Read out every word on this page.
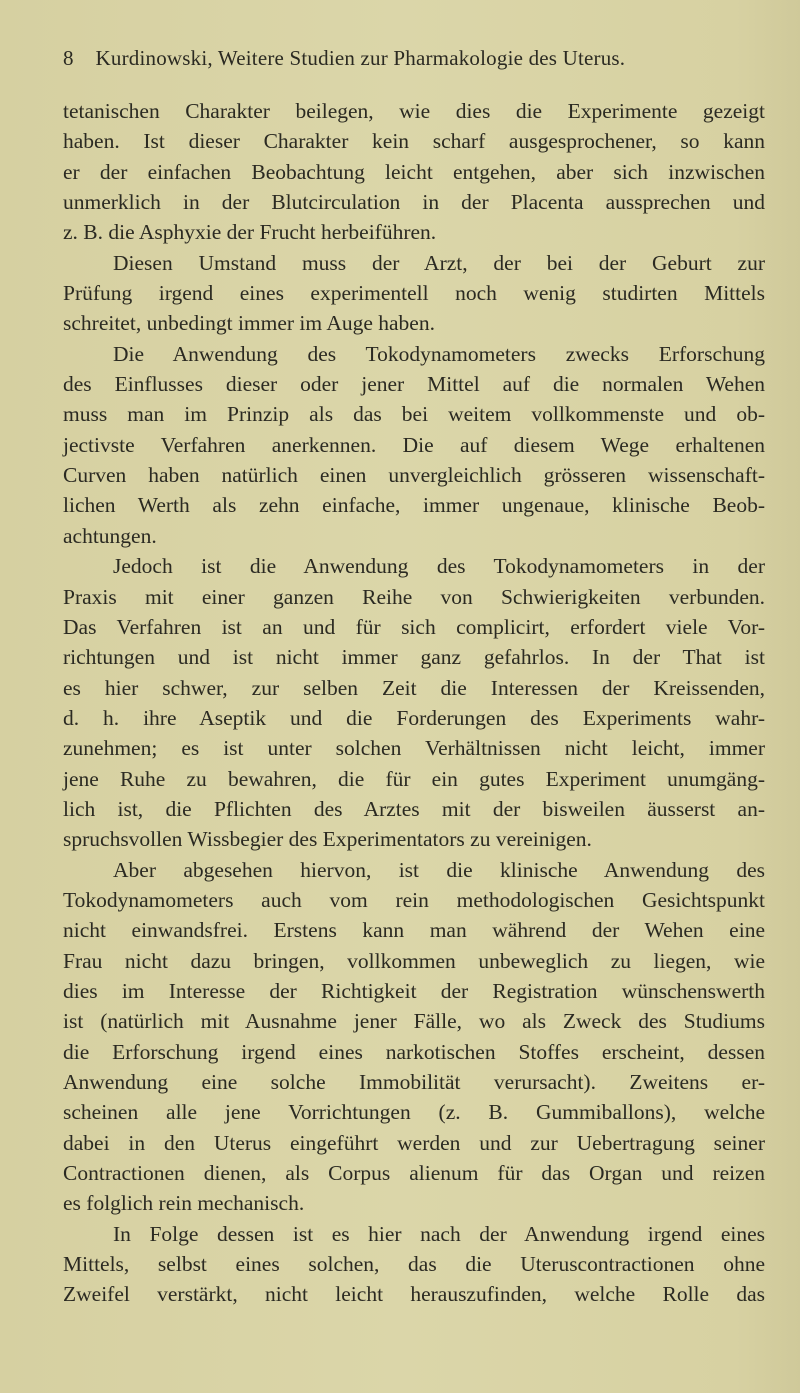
8 Kurdinowski, Weitere Studien zur Pharmakologie des Uterus.
tetanischen Charakter beilegen, wie dies die Experimente gezeigt
haben. Ist dieser Charakter kein scharf ausgesprochener, so kann
er der einfachen Beobachtung leicht entgehen, aber sich inzwischen
unmerklich in der Blutcirculation in der Placenta aussprechen und
z. B. die Asphyxie der Frucht herbeiführen.
Diesen Umstand muss der Arzt, der bei der Geburt zur
Prüfung irgend eines experimentell noch wenig studirten Mittels
schreitet, unbedingt immer im Auge haben.
Die Anwendung des Tokodynamometers zwecks Erforschung
des Einflusses dieser oder jener Mittel auf die normalen Wehen
muss man im Prinzip als das bei weitem vollkommenste und ob-
jectivste Verfahren anerkennen. Die auf diesem Wege erhaltenen
Curven haben natürlich einen unvergleichlich grösseren wissenschaft-
lichen Werth als zehn einfache, immer ungenaue, klinische Beob-
achtungen.
Jedoch ist die Anwendung des Tokodynamometers in der
Praxis mit einer ganzen Reihe von Schwierigkeiten verbunden.
Das Verfahren ist an und für sich complicirt, erfordert viele Vor-
richtungen und ist nicht immer ganz gefahrlos. In der That ist
es hier schwer, zur selben Zeit die Interessen der Kreissenden,
d. h. ihre Aseptik und die Forderungen des Experiments wahr-
zunehmen; es ist unter solchen Verhältnissen nicht leicht, immer
jene Ruhe zu bewahren, die für ein gutes Experiment unumgäng-
lich ist, die Pflichten des Arztes mit der bisweilen äusserst an-
spruchsvollen Wissbegier des Experimentators zu vereinigen.
Aber abgesehen hiervon, ist die klinische Anwendung des
Tokodynamometers auch vom rein methodologischen Gesichtspunkt
nicht einwandsfrei. Erstens kann man während der Wehen eine
Frau nicht dazu bringen, vollkommen unbeweglich zu liegen, wie
dies im Interesse der Richtigkeit der Registration wünschenswerth
ist (natürlich mit Ausnahme jener Fälle, wo als Zweck des Studiums
die Erforschung irgend eines narkotischen Stoffes erscheint, dessen
Anwendung eine solche Immobilität verursacht). Zweitens er-
scheinen alle jene Vorrichtungen (z. B. Gummiballons), welche
dabei in den Uterus eingeführt werden und zur Uebertragung seiner
Contractionen dienen, als Corpus alienum für das Organ und reizen
es folglich rein mechanisch.
In Folge dessen ist es hier nach der Anwendung irgend eines
Mittels, selbst eines solchen, das die Uteruscontractionen ohne
Zweifel verstärkt, nicht leicht herauszufinden, welche Rolle das
